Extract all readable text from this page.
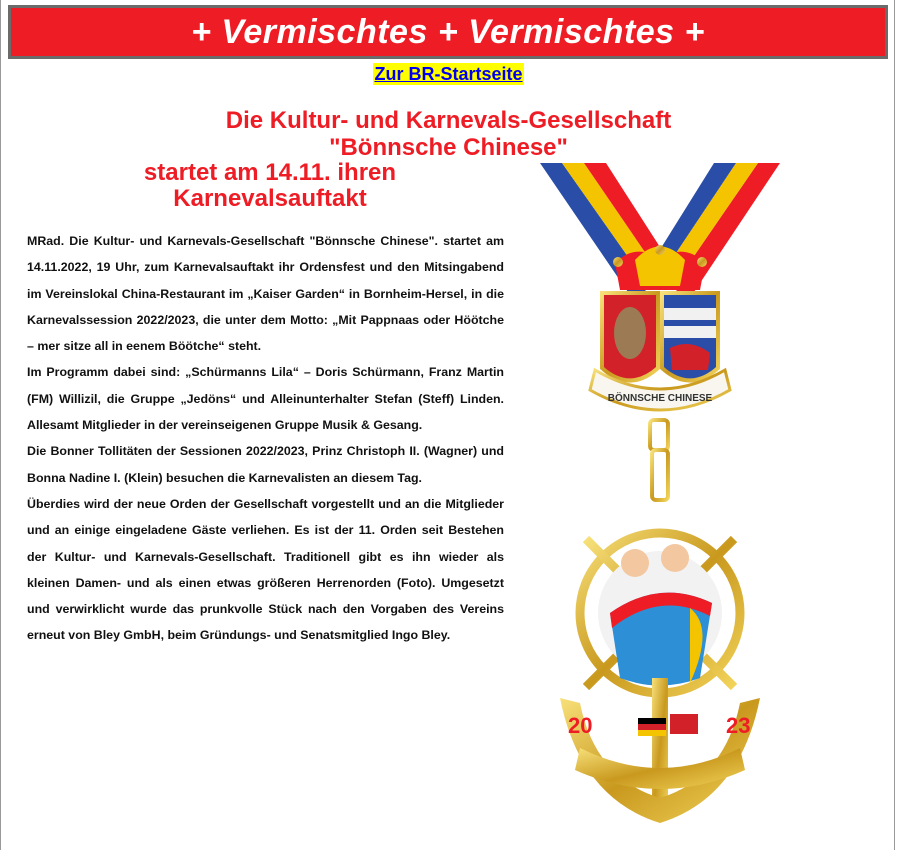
+ Vermischtes + Vermischtes +
Zur BR-Startseite
Die Kultur- und Karnevals-Gesellschaft
"Bönnsche Chinese"
startet am 14.11. ihren Karnevalsauftakt

MRad. Die Kultur- und Karnevals-Gesellschaft "Bönnsche Chinese". startet am 14.11.2022, 19 Uhr, zum Karnevalsauftakt ihr Ordensfest und den Mitsingabend im Vereinslokal China-Restaurant im „Kaiser Garden“ in Bornheim-Hersel, in die Karnevalssession 2022/2023, die unter dem Motto: „Mit Pappnaas oder Höötche – mer sitze all in eenem Böötche“ steht.

Im Programm dabei sind: „Schürmanns Lila“ – Doris Schürmann, Franz Martin (FM) Willizil, die Gruppe „Jedöns“ und Alleinunterhalter Stefan (Steff) Linden. Allesamt Mitglieder in der vereinseigenen Gruppe Musik & Gesang.

Die Bonner Tollitäten der Sessionen 2022/2023, Prinz Christoph II. (Wagner) und Bonna Nadine I. (Klein) besuchen die Karnevalisten an diesem Tag.

Überdies wird der neue Orden der Gesellschaft vorgestellt und an die Mitglieder und an einige eingeladene Gäste verliehen. Es ist der 11. Orden seit Bestehen der Kultur- und Karnevals-Gesellschaft. Traditionell gibt es ihn wieder als kleinen Damen- und als einen etwas größeren Herrenorden (Foto). Umgesetzt und verwirklicht wurde das prunkvolle Stück nach den Vorgaben des Vereins erneut von Bley GmbH, beim Gründungs- und Senatsmitglied Ingo Bley.

BÖNNSCHE CHINESE
20	23
